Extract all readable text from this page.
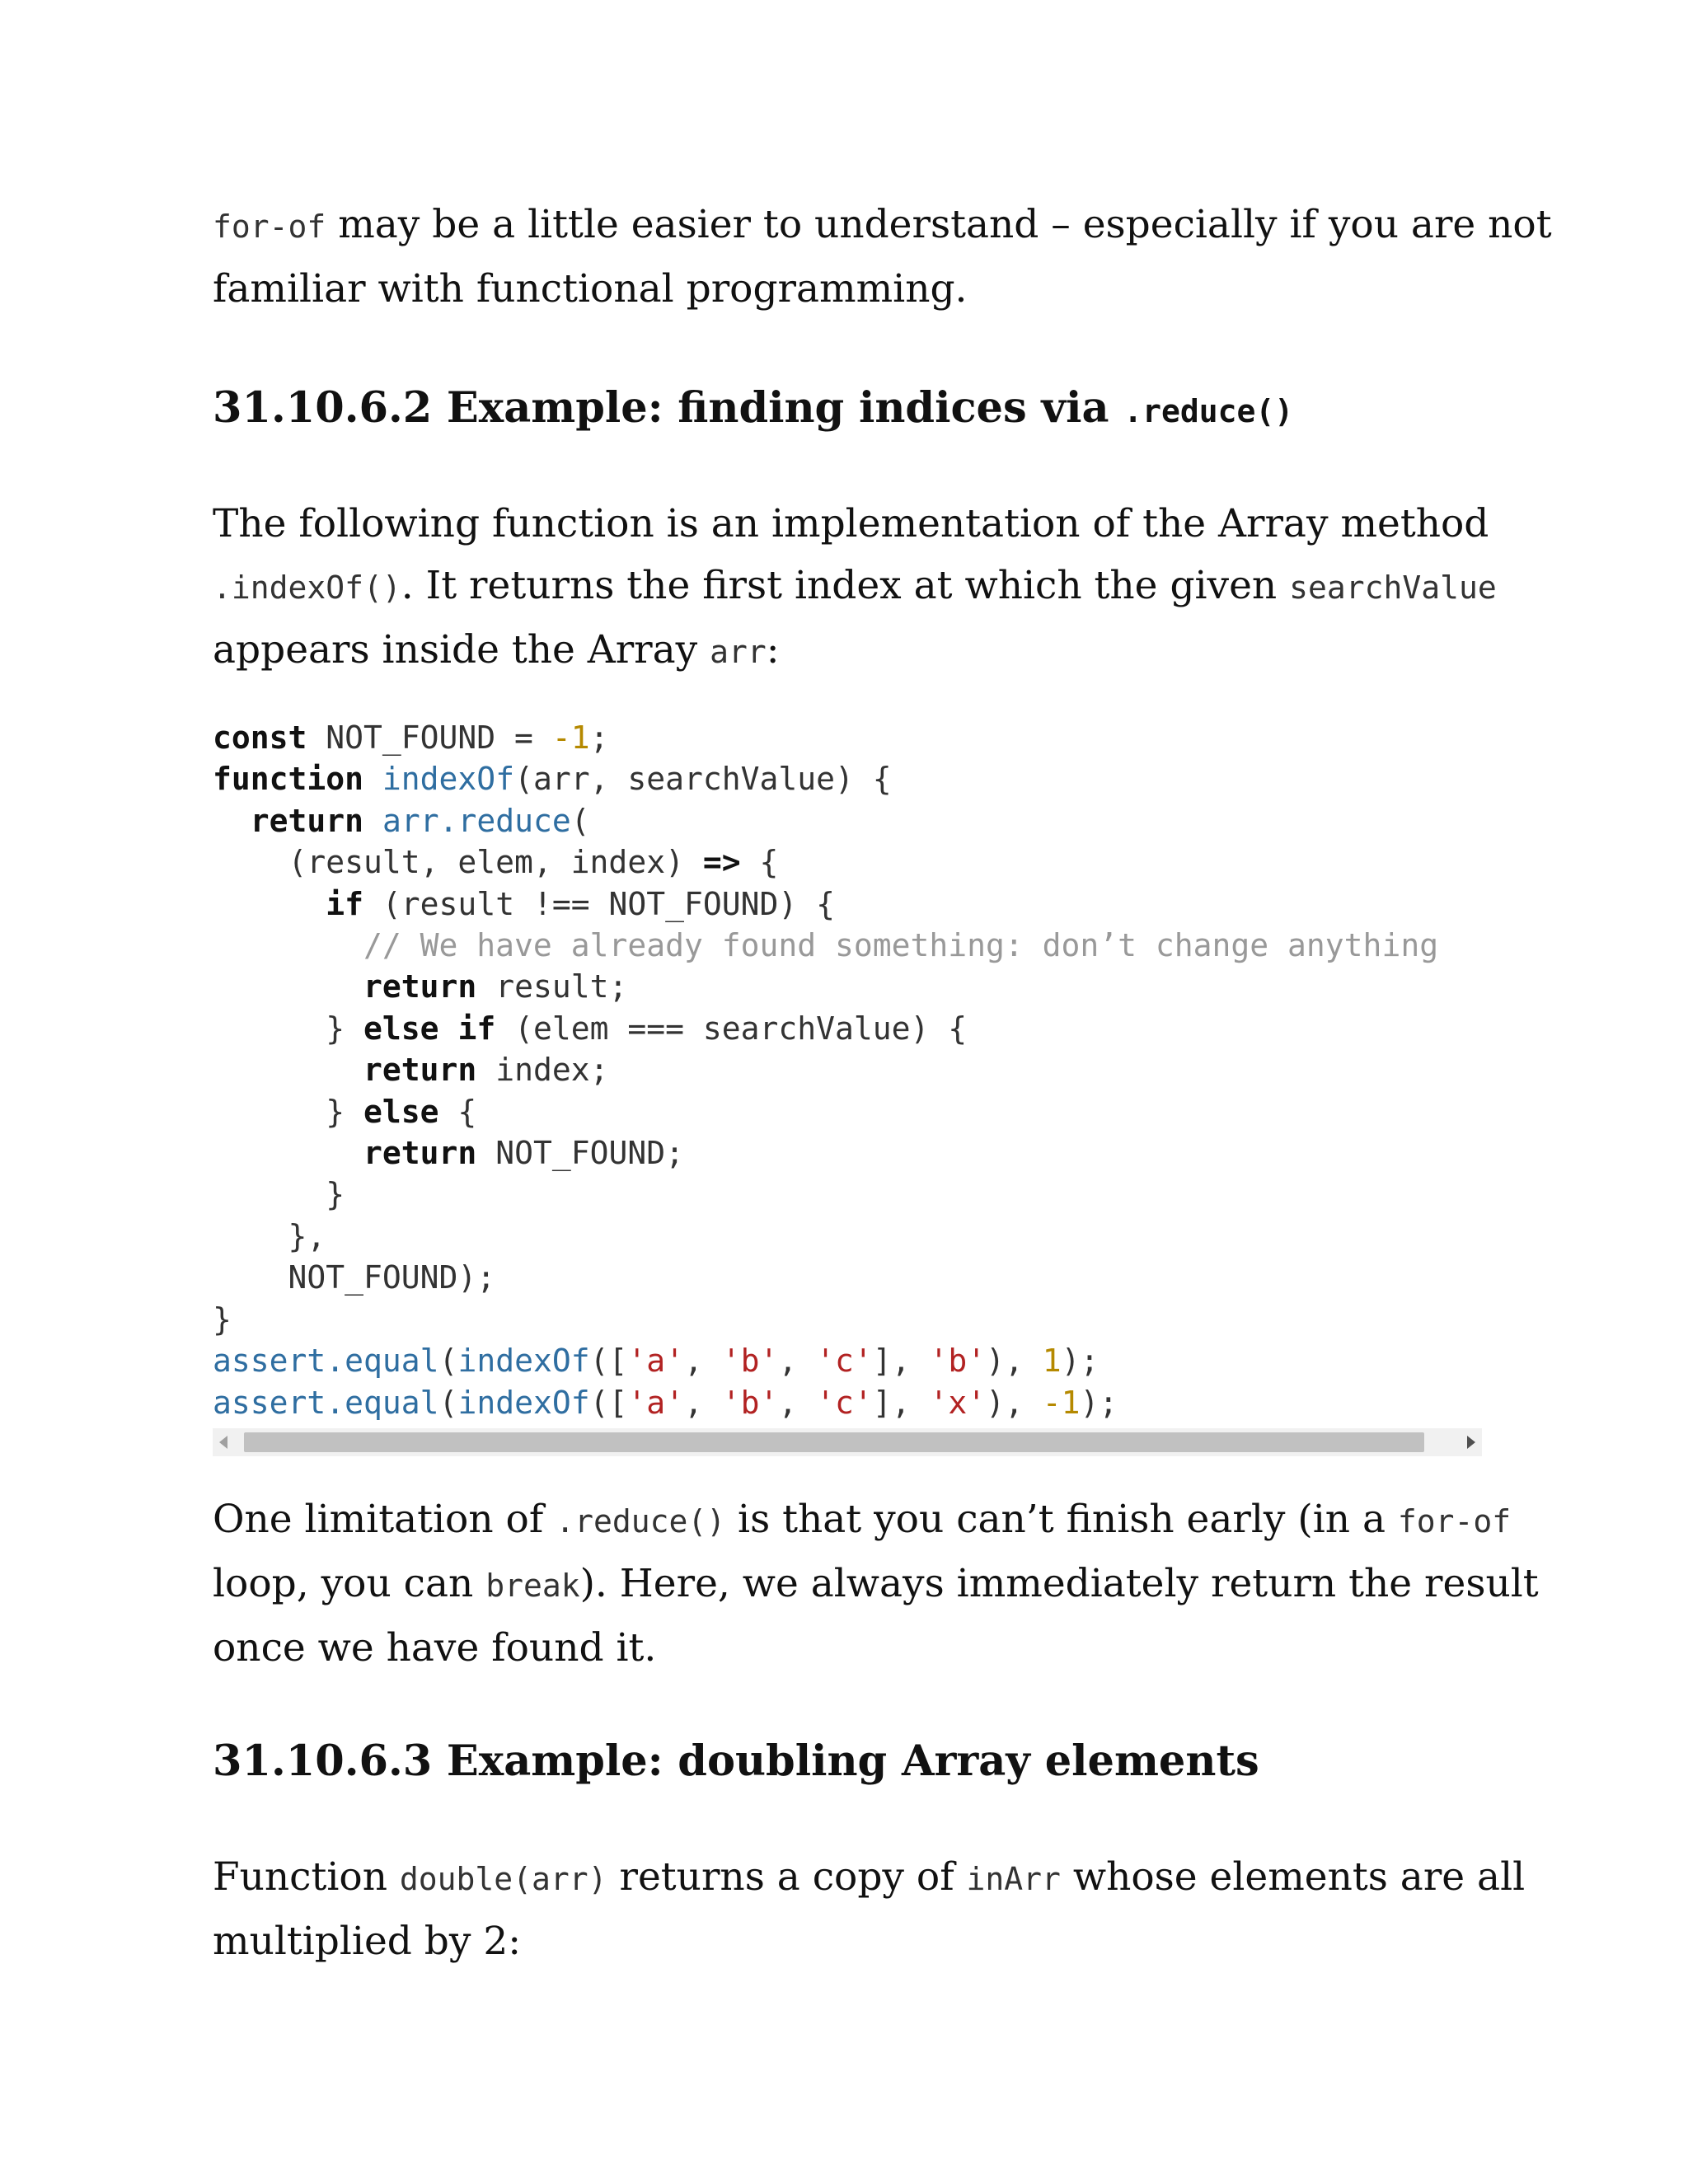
for-of may be a little easier to understand – especially if you are not
familiar with functional programming.

31.10.6.2 Example: finding indices via .reduce()

The following function is an implementation of the Array method
.indexOf(). It returns the first index at which the given searchValue
appears inside the Array arr:

const NOT_FOUND = -1;
function indexOf(arr, searchValue) {
return arr.reduce(
(result, elem, index) => {
if (result !== NOT_FOUND) {
// We have already found something: don’t change anything
return result;
} else if (elem === searchValue) {
return index;
} else {
return NOT_FOUND;
}
},
NOT_FOUND);
}
assert.equal(indexOf(['a', 'b', 'c'], 'b'), 1);
assert.equal(indexOf(['a', 'b', 'c'], 'x'), -1);

One limitation of .reduce() is that you can’t finish early (in a for-of
loop, you can break). Here, we always immediately return the result
once we have found it.

31.10.6.3 Example: doubling Array elements

Function double(arr) returns a copy of inArr whose elements are all
multiplied by 2:
